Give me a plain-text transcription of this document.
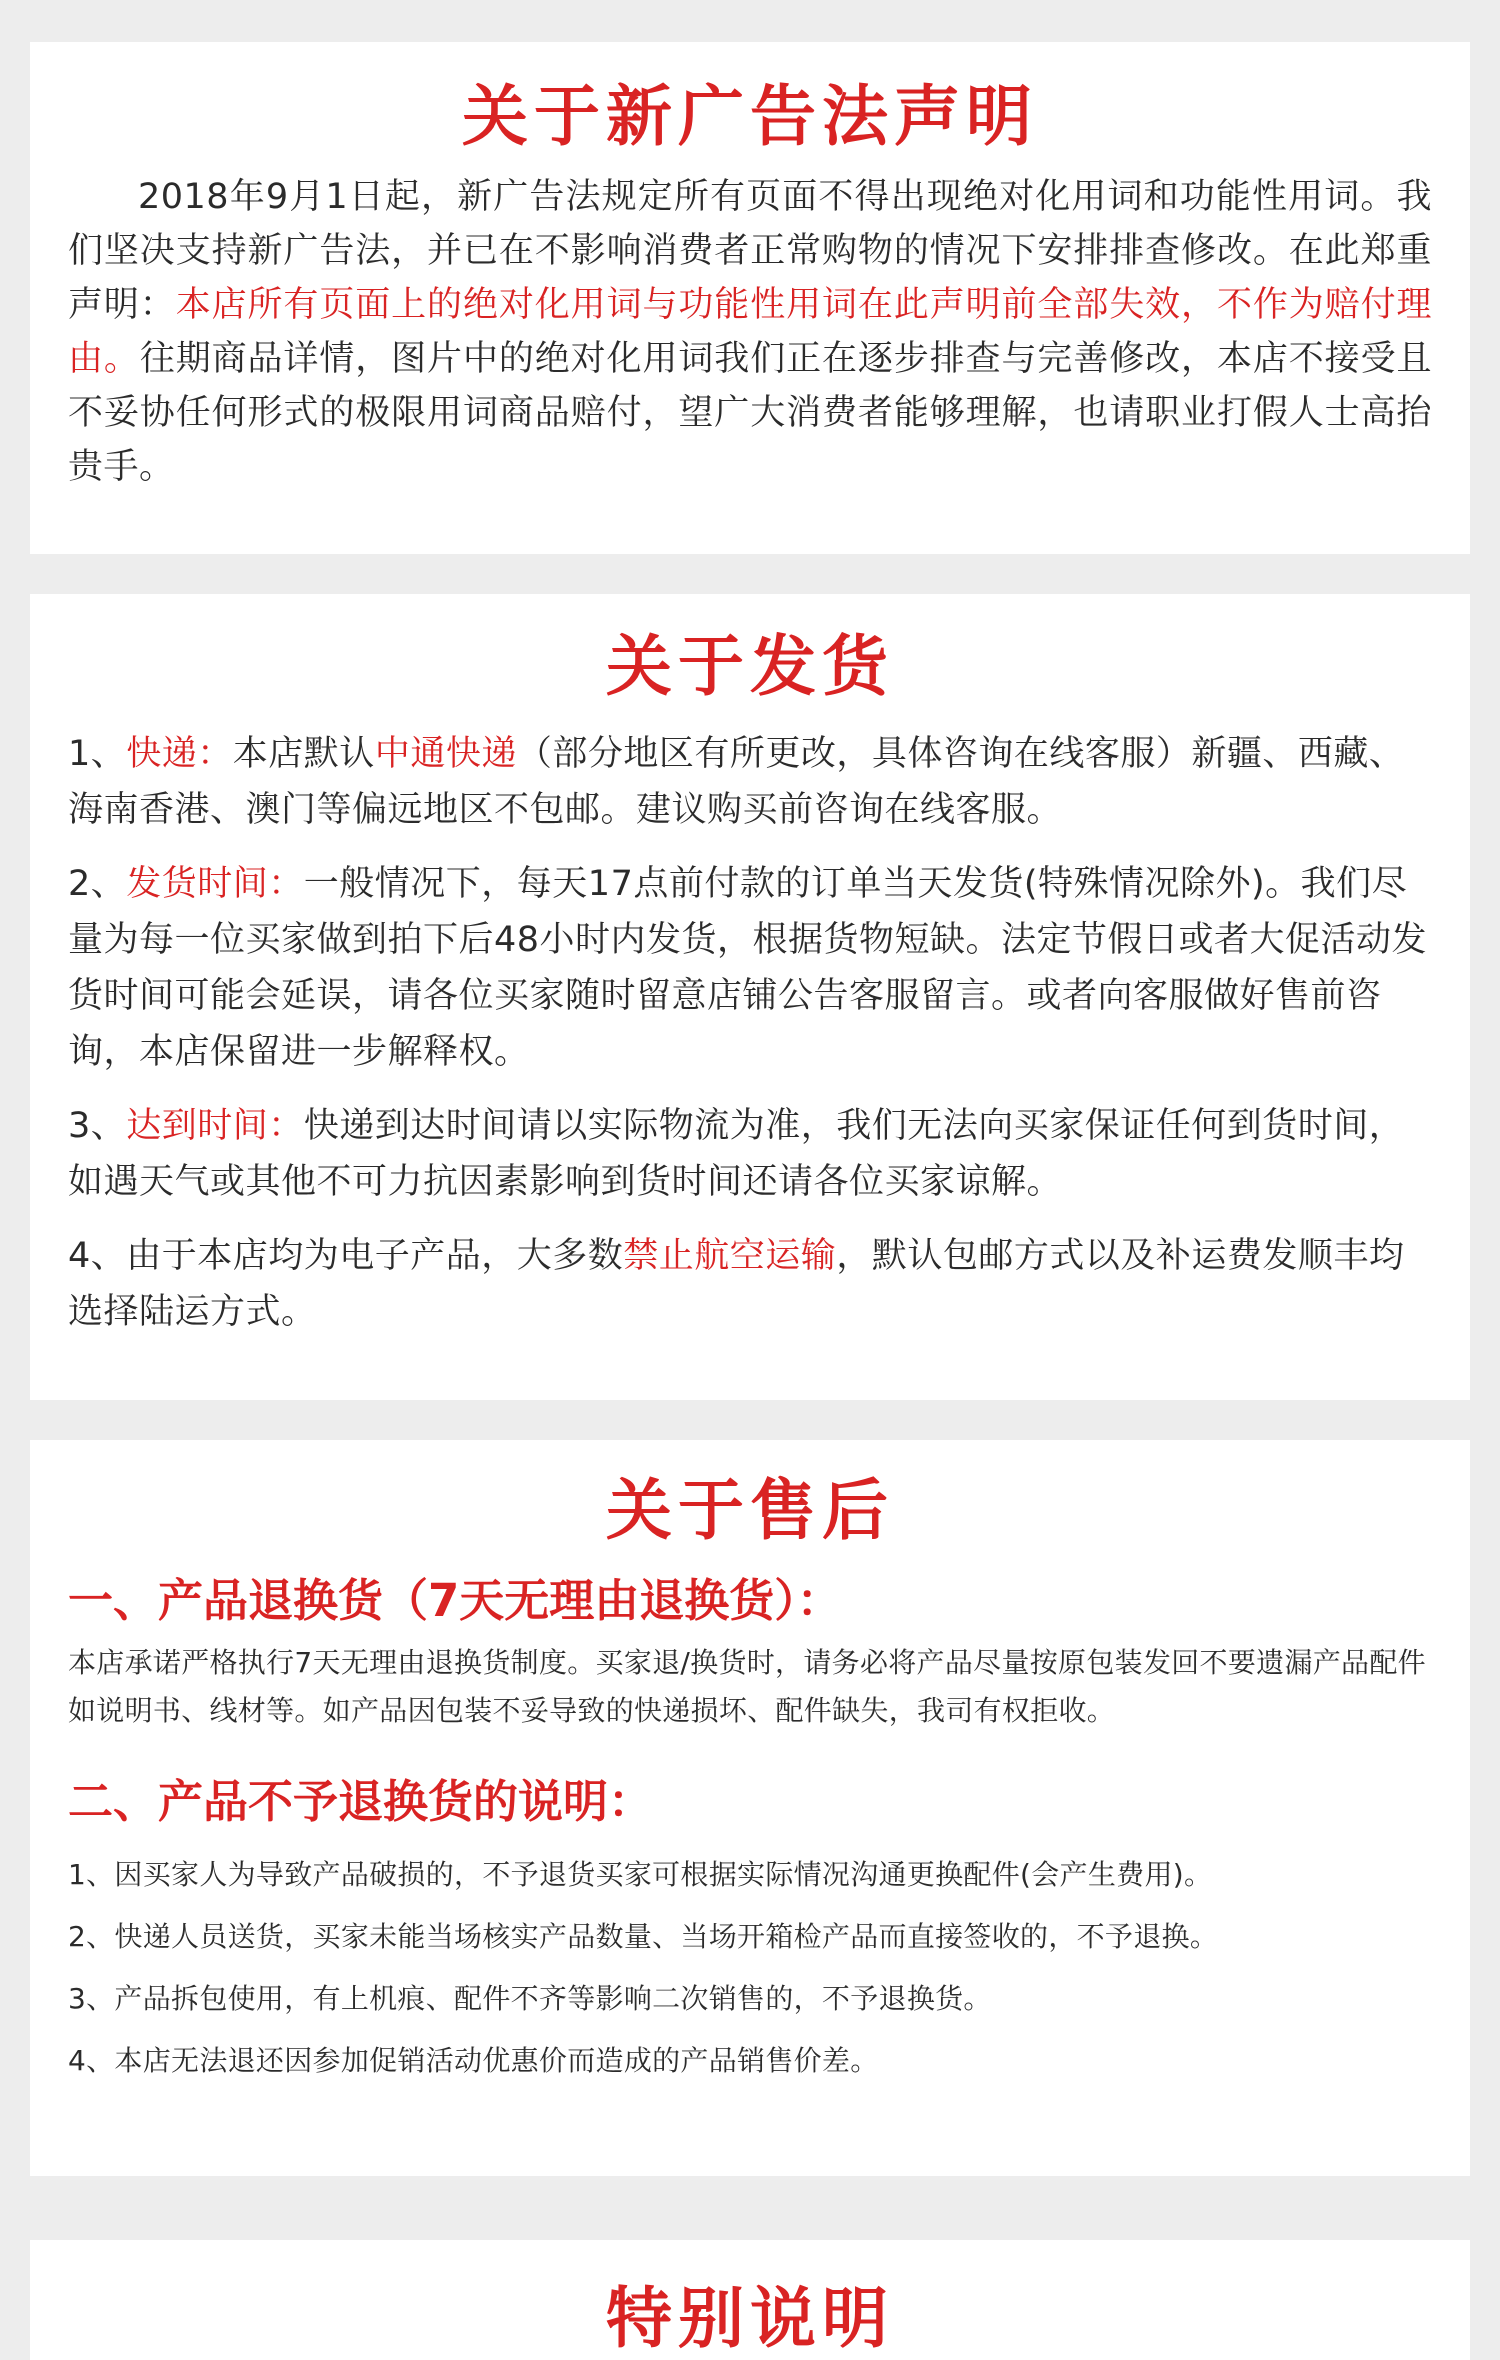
关于新广告法声明

2018年9月1日起，新广告法规定所有页面不得出现绝对化用词和功能性用词。我们坚决支持新广告法，并已在不影响消费者正常购物的情况下安排排查修改。在此郑重声明：本店所有页面上的绝对化用词与功能性用词在此声明前全部失效，不作为赔付理由。往期商品详情，图片中的绝对化用词我们正在逐步排查与完善修改，本店不接受且不妥协任何形式的极限用词商品赔付，望广大消费者能够理解，也请职业打假人士高抬贵手。

关于发货

1、快递：本店默认中通快递（部分地区有所更改，具体咨询在线客服）新疆、西藏、海南香港、澳门等偏远地区不包邮。建议购买前咨询在线客服。

2、发货时间：一般情况下，每天17点前付款的订单当天发货(特殊情况除外)。我们尽量为每一位买家做到拍下后48小时内发货，根据货物短缺。法定节假日或者大促活动发货时间可能会延误，请各位买家随时留意店铺公告客服留言。或者向客服做好售前咨询，本店保留进一步解释权。

3、达到时间：快递到达时间请以实际物流为准，我们无法向买家保证任何到货时间，如遇天气或其他不可力抗因素影响到货时间还请各位买家谅解。

4、由于本店均为电子产品，大多数禁止航空运输，默认包邮方式以及补运费发顺丰均选择陆运方式。

关于售后
一、产品退换货（7天无理由退换货）：

本店承诺严格执行7天无理由退换货制度。买家退/换货时，请务必将产品尽量按原包装发回不要遗漏产品配件如说明书、线材等。如产品因包装不妥导致的快递损坏、配件缺失，我司有权拒收。

二、产品不予退换货的说明：

1、因买家人为导致产品破损的，不予退货买家可根据实际情况沟通更换配件(会产生费用)。

2、快递人员送货，买家未能当场核实产品数量、当场开箱检产品而直接签收的，不予退换。

3、产品拆包使用，有上机痕、配件不齐等影响二次销售的，不予退换货。

4、本店无法退还因参加促销活动优惠价而造成的产品销售价差。

特别说明
